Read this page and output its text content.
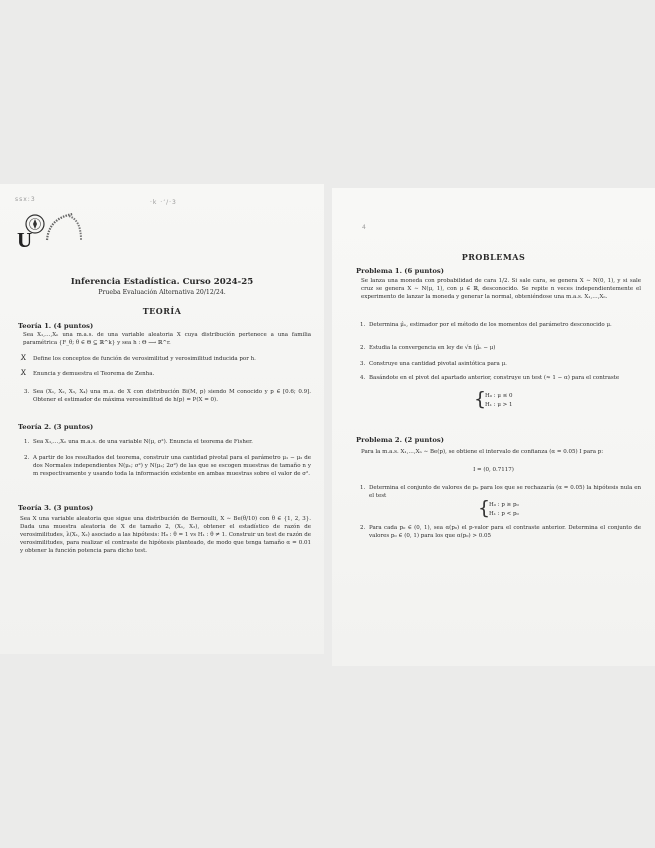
ssx:3	·k ·ʼ/·3
U
Inferencia Estadística. Curso 2024-25
Prueba Evaluación Alternativa 20/12/24.
TEORÍA
Teoría 1. (4 puntos)
Sea X₁,…,Xₙ una m.a.s. de una variable aleatoria X cuya distribución pertenece a una familia paramétrica {F_θ; θ ∈ Θ ⊆ ℝ^k} y sea h : Θ ⟶ ℝ^r.
X̸ Define los conceptos de función de verosimilitud y verosimilitud inducida por h.
X̸ Enuncia y demuestra el Teorema de Zenha.
3. Sea (X₁, X₂, X₃, X₄) una m.a. de X con distribución Bi(M, p) siendo M conocido y p ∈ [0.6; 0.9]. Obtener el estimador de máxima verosimilitud de h(p) = P(X = 0).
Teoría 2. (3 puntos)
1. Sea X₁,…,Xₙ una m.a.s. de una variable N(μ, σ²). Enuncia el teorema de Fisher.
2. A partir de los resultados del teorema, construir una cantidad pivotal para el parámetro μ₁ − μ₂ de dos Normales independientes N(μ₁; σ²) y N(μ₂; 2σ²) de las que se escogen muestras de tamaño n y m respectivamente y usando toda la información existente en ambas muestras sobre el valor de σ².
Teoría 3. (3 puntos)
Sea X una variable aleatoria que sigue una distribución de Bernoulli, X ∼ Be(θ/10) con θ ∈ {1, 2, 3}. Dada una muestra aleatoria de X de tamaño 2, (X₁, X₂), obtener el estadístico de razón de verosimilitudes, λ(X₁, X₂) asociado a las hipótesis: H₀ : θ = 1 vs H₁ : θ ≠ 1. Construir un test de razón de verosimilitudes, para realizar el contraste de hipótesis planteado, de modo que tenga tamaño α = 0.01 y obtener la función potencia para dicho test.
4
PROBLEMAS
Problema 1. (6 puntos)
Se lanza una moneda con probabilidad de cara 1/2. Si sale cara, se genera X ∼ N(0, 1), y si sale cruz se genera X ∼ N(μ, 1), con μ ∈ ℝ, desconocido. Se repite n veces independientemente el experimento de lanzar la moneda y generar la normal, obteniéndose una m.a.s. X₁,…,Xₙ.
1. Determina μ̂ₙ, estimador por el método de los momentos del parámetro desconocido μ.
2. Estudia la convergencia en ley de √n (μ̂ₙ − μ)
3. Construye una cantidad pivotal asintótica para μ.
4. Basándote en el pivot del apartado anterior, construye un test (≈ 1 − α) para el contraste
H₀ : μ ≤ 0
H₁ : μ > 1
Problema 2. (2 puntos)
Para la m.a.s. X₁,…,Xₙ ∼ Be(p), se obtiene el intervalo de confianza (α = 0.05) I para p:
I = (0, 0.7117)
1. Determina el conjunto de valores de p₀ para los que se rechazaría (α = 0.05) la hipótesis nula en el test
{
H₀ : p ≥ p₀
H₁ : p < p₀
2. Para cada p₀ ∈ (0, 1), sea α(p₀) el p-valor para el contraste anterior. Determina el conjunto de valores p₀ ∈ (0, 1) para los que α(p₀) > 0.05
{
